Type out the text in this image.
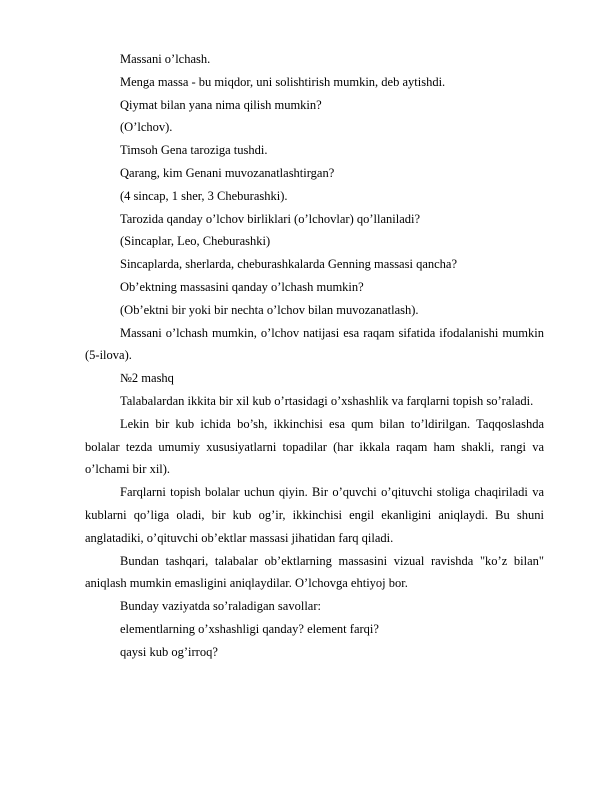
Massani o’lchash.

Menga massa - bu miqdor, uni solishtirish mumkin, deb aytishdi.

Qiymat bilan yana nima qilish mumkin?

(O’lchov).

Timsoh Gena taroziga tushdi.

Qarang, kim Genani muvozanatlashtirgan?

(4 sincap, 1 sher, 3 Cheburashki).

Tarozida qanday o’lchov birliklari (o’lchovlar) qo’llaniladi?

(Sincaplar, Leo, Cheburashki)

Sincaplarda, sherlarda, cheburashkalarda Genning massasi qancha?

Ob’ektning massasini qanday o’lchash mumkin?

(Ob’ektni bir yoki bir nechta o’lchov bilan muvozanatlash).

Massani o’lchash mumkin, o’lchov natijasi esa raqam sifatida ifodalanishi mumkin (5-ilova).

№2 mashq

Talabalardan ikkita bir xil kub o’rtasidagi o’xshashlik va farqlarni topish so’raladi.

Lekin bir kub ichida bo’sh, ikkinchisi esa qum bilan to’ldirilgan. Taqqoslashda bolalar tezda umumiy xususiyatlarni topadilar (har ikkala raqam ham shakli, rangi va o’lchami bir xil).

Farqlarni topish bolalar uchun qiyin. Bir o’quvchi o’qituvchi stoliga chaqiriladi va kublarni qo’liga oladi, bir kub og’ir, ikkinchisi engil ekanligini aniqlaydi. Bu shuni anglatadiki, o’qituvchi ob’ektlar massasi jihatidan farq qiladi.

Bundan tashqari, talabalar ob’ektlarning massasini vizual ravishda "ko’z bilan" aniqlash mumkin emasligini aniqlaydilar. O’lchovga ehtiyoj bor.

Bunday vaziyatda so’raladigan savollar:

elementlarning o’xshashligi qanday? element farqi?

qaysi kub og’irroq?
